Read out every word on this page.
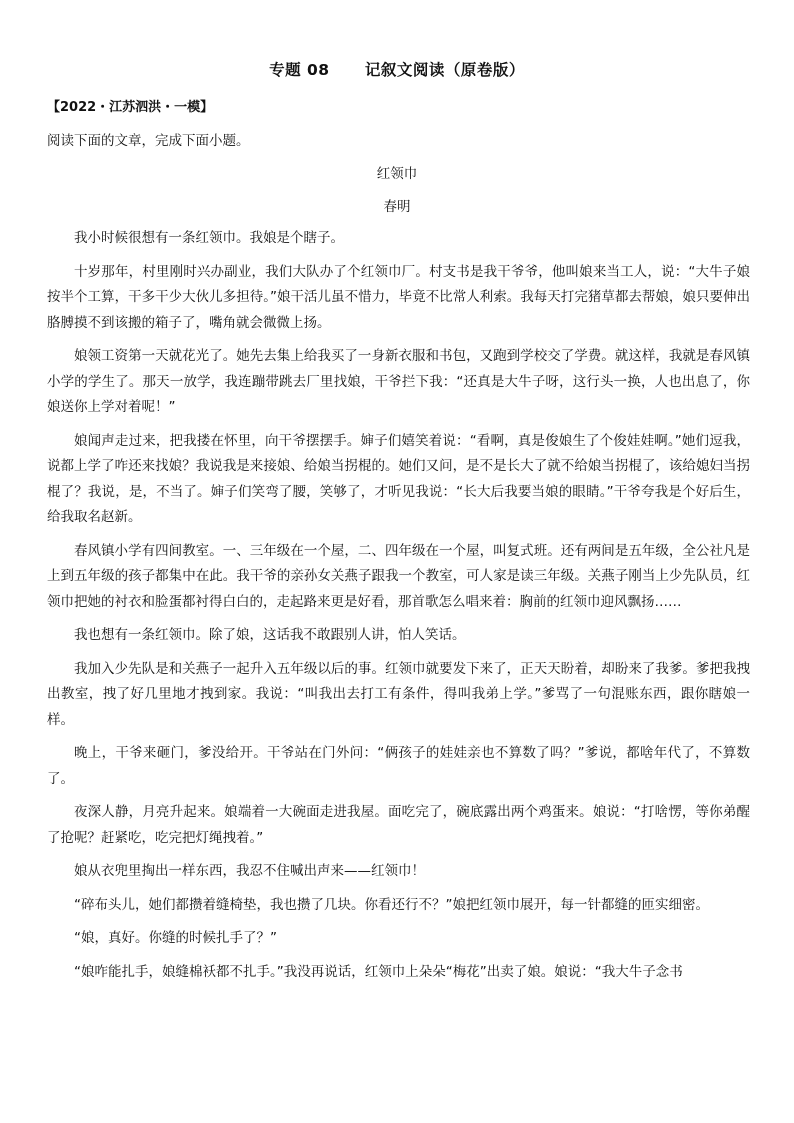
专题 08      记叙文阅读（原卷版）
【2022・江苏泗洪・一模】
阅读下面的文章，完成下面小题。
红领巾
春明

我小时候很想有一条红领巾。我娘是个瞎子。

十岁那年，村里刚时兴办副业，我们大队办了个红领巾厂。村支书是我干爷爷，他叫娘来当工人，说：“大牛子娘按半个工算，干多干少大伙儿多担待。”娘干活儿虽不惜力，毕竟不比常人利索。我每天打完猪草都去帮娘，娘只要伸出胳膊摸不到该搬的箱子了，嘴角就会微微上扬。

娘领工资第一天就花光了。她先去集上给我买了一身新衣服和书包，又跑到学校交了学费。就这样，我就是春风镇小学的学生了。那天一放学，我连蹦带跳去厂里找娘，干爷拦下我：“还真是大牛子呀，这行头一换，人也出息了，你娘送你上学对着呢！”

娘闻声走过来，把我搂在怀里，向干爷摆摆手。婶子们嬉笑着说：“看啊，真是俊娘生了个俊娃娃啊。”她们逗我，说都上学了咋还来找娘？我说我是来接娘、给娘当拐棍的。她们又问，是不是长大了就不给娘当拐棍了，该给媳妇当拐棍了？我说，是，不当了。婶子们笑弯了腰，笑够了，才听见我说：“长大后我要当娘的眼睛。”干爷夸我是个好后生，给我取名赵新。

春风镇小学有四间教室。一、三年级在一个屋，二、四年级在一个屋，叫复式班。还有两间是五年级，全公社凡是上到五年级的孩子都集中在此。我干爷的亲孙女关燕子跟我一个教室，可人家是读三年级。关燕子刚当上少先队员，红领巾把她的衬衣和脸蛋都衬得白白的，走起路来更是好看，那首歌怎么唱来着：胸前的红领巾迎风飘扬……

我也想有一条红领巾。除了娘，这话我不敢跟别人讲，怕人笑话。

我加入少先队是和关燕子一起升入五年级以后的事。红领巾就要发下来了，正天天盼着，却盼来了我爹。爹把我拽出教室，拽了好几里地才拽到家。我说：“叫我出去打工有条件，得叫我弟上学。”爹骂了一句混账东西，跟你瞎娘一样。

晚上，干爷来砸门，爹没给开。干爷站在门外问：“俩孩子的娃娃亲也不算数了吗？”爹说，都啥年代了，不算数了。

夜深人静，月亮升起来。娘端着一大碗面走进我屋。面吃完了，碗底露出两个鸡蛋来。娘说：“打啥愣，等你弟醒了抢呢？赶紧吃，吃完把灯绳拽着。”

娘从衣兜里掏出一样东西，我忍不住喊出声来——红领巾！

“碎布头儿，她们都攒着缝椅垫，我也攒了几块。你看还行不？”娘把红领巾展开，每一针都缝的匝实细密。

“娘，真好。你缝的时候扎手了？”

“娘咋能扎手，娘缝棉袄都不扎手。”我没再说话，红领巾上朵朵“梅花”出卖了娘。娘说：“我大牛子念书
